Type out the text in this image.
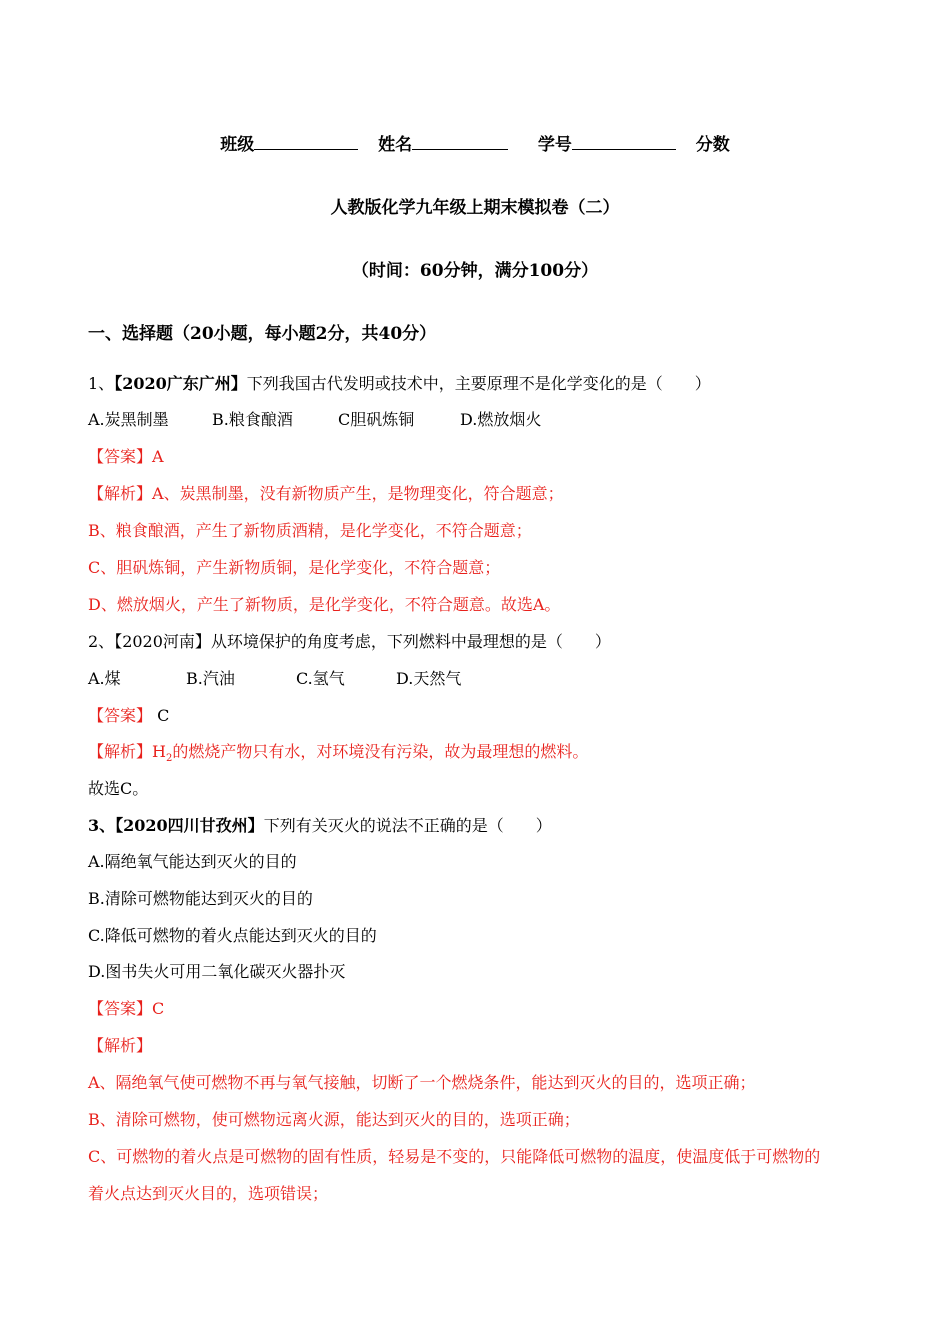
班级	姓名	学号	分数
人教版化学九年级上期末模拟卷（二）
（时间：60分钟，满分100分）
一、选择题（20小题，每小题2分，共40分）
1、【2020广东广州】下列我国古代发明或技术中，主要原理不是化学变化的是（　　）
A.炭黑制墨	B.粮食酿酒	C胆矾炼铜	D.燃放烟火
【答案】A
【解析】A、炭黑制墨，没有新物质产生，是物理变化，符合题意；
B、粮食酿酒，产生了新物质酒精，是化学变化，不符合题意；
C、胆矾炼铜，产生新物质铜，是化学变化，不符合题意；
D、燃放烟火，产生了新物质，是化学变化，不符合题意。故选A。
2、【2020河南】从环境保护的角度考虑，下列燃料中最理想的是（　　）
A.煤	B.汽油	C.氢气	D.天然气
【答案】 C
【解析】$H_2$的燃烧产物只有水，对环境没有污染，故为最理想的燃料。
故选C。
3、【2020四川甘孜州】下列有关灭火的说法不正确的是（　　）
A.隔绝氧气能达到灭火的目的
B.清除可燃物能达到灭火的目的
C.降低可燃物的着火点能达到灭火的目的
D.图书失火可用二氧化碳灭火器扑灭
【答案】C
【解析】
A、隔绝氧气使可燃物不再与氧气接触，切断了一个燃烧条件，能达到灭火的目的，选项正确；
B、清除可燃物，使可燃物远离火源，能达到灭火的目的，选项正确；
C、可燃物的着火点是可燃物的固有性质，轻易是不变的，只能降低可燃物的温度，使温度低于可燃物的
着火点达到灭火目的，选项错误；
